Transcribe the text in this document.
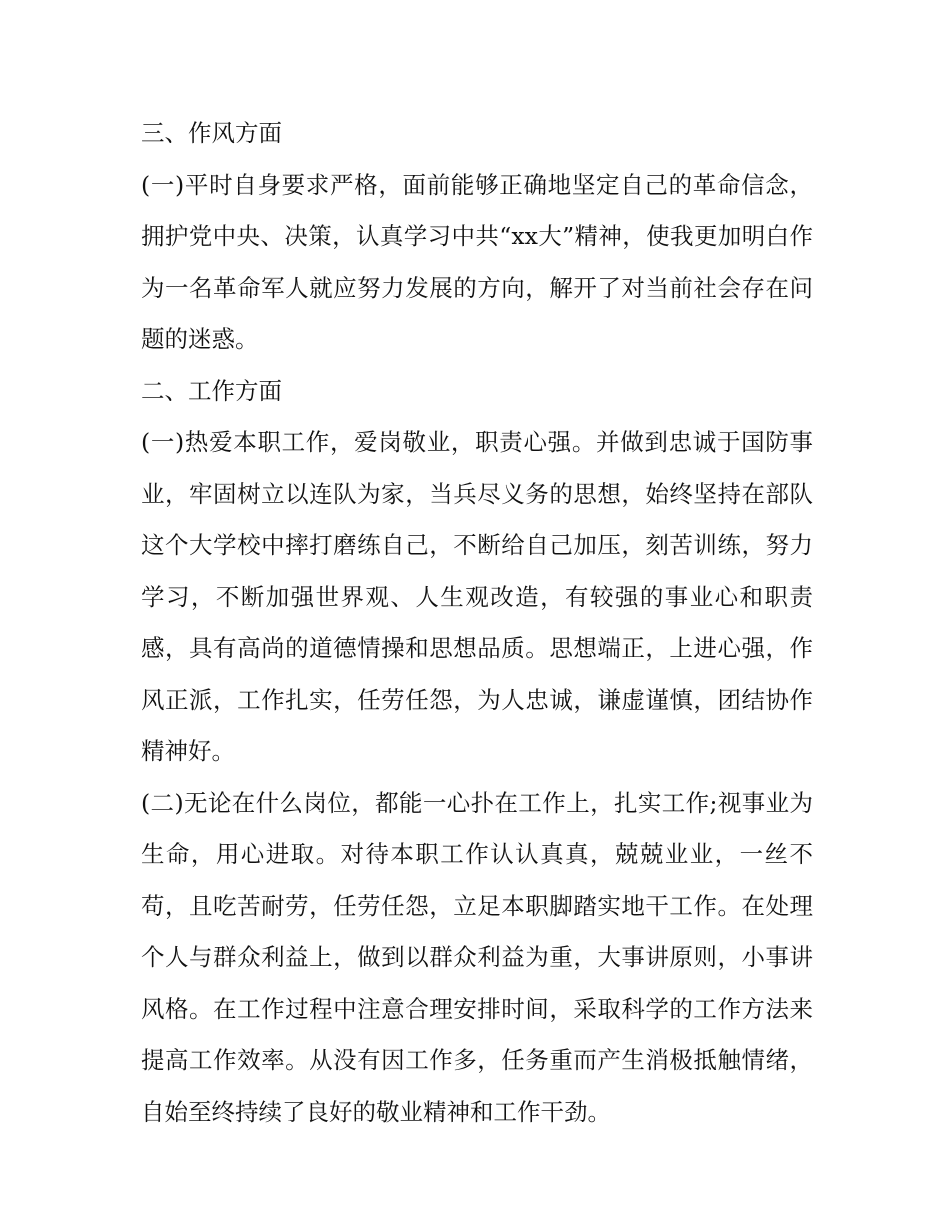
三、作风方面

(一)平时自身要求严格，面前能够正确地坚定自己的革命信念，拥护党中央、决策，认真学习中共“xx大”精神，使我更加明白作为一名革命军人就应努力发展的方向，解开了对当前社会存在问题的迷惑。

二、工作方面

(一)热爱本职工作，爱岗敬业，职责心强。并做到忠诚于国防事业，牢固树立以连队为家，当兵尽义务的思想，始终坚持在部队这个大学校中摔打磨练自己，不断给自己加压，刻苦训练，努力学习，不断加强世界观、人生观改造，有较强的事业心和职责感，具有高尚的道德情操和思想品质。思想端正，上进心强，作风正派，工作扎实，任劳任怨，为人忠诚，谦虚谨慎，团结协作精神好。

(二)无论在什么岗位，都能一心扑在工作上，扎实工作;视事业为生命，用心进取。对待本职工作认认真真，兢兢业业，一丝不苟，且吃苦耐劳，任劳任怨，立足本职脚踏实地干工作。在处理个人与群众利益上，做到以群众利益为重，大事讲原则，小事讲风格。在工作过程中注意合理安排时间，采取科学的工作方法来提高工作效率。从没有因工作多，任务重而产生消极抵触情绪，自始至终持续了良好的敬业精神和工作干劲。
